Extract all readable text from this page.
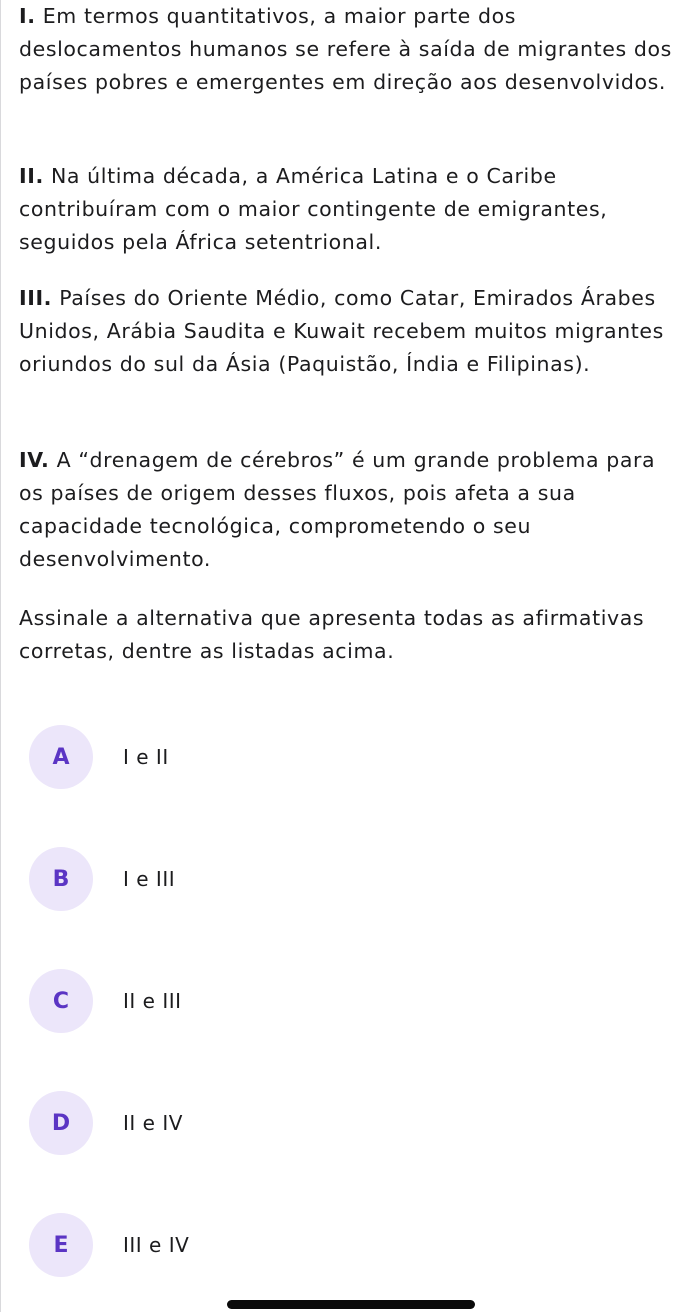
I. Em termos quantitativos, a maior parte dos deslocamentos humanos se refere à saída de migrantes dos países pobres e emergentes em direção aos desenvolvidos.

II. Na última década, a América Latina e o Caribe contribuíram com o maior contingente de emigrantes, seguidos pela África setentrional.

III. Países do Oriente Médio, como Catar, Emirados Árabes Unidos, Arábia Saudita e Kuwait recebem muitos migrantes oriundos do sul da Ásia (Paquistão, Índia e Filipinas).

IV. A “drenagem de cérebros” é um grande problema para os países de origem desses fluxos, pois afeta a sua capacidade tecnológica, comprometendo o seu desenvolvimento.

Assinale a alternativa que apresenta todas as afirmativas corretas, dentre as listadas acima.

A	I e II
B	I e III
C	II e III
D	II e IV
E	III e IV
